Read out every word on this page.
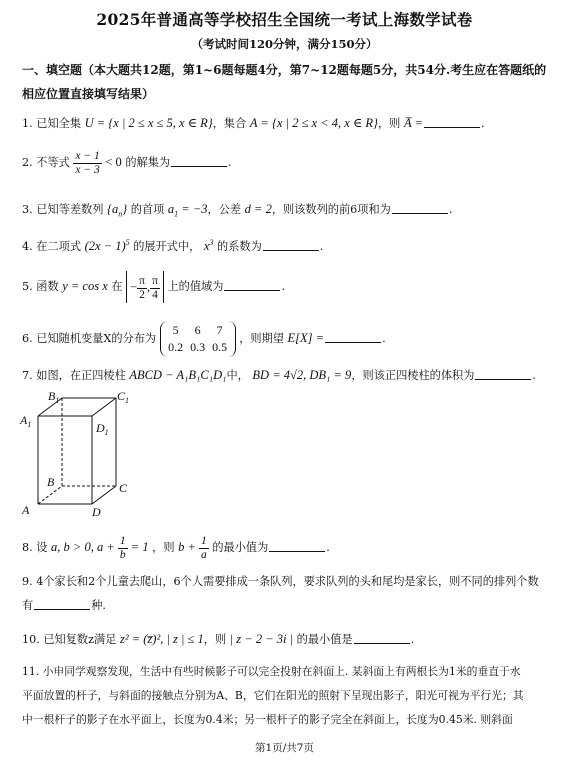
2025年普通高等学校招生全国统一考试上海数学试卷
（考试时间120分钟，满分150分）
一、填空题（本大题共12题，第1~6题每题4分，第7~12题每题5分，共54分.考生应在答题纸的相应位置直接填写结果）
1. 已知全集 U = {x | 2 ≤ x ≤ 5, x ∈ R}，集合 A = {x | 2 ≤ x < 4, x ∈ R}，则 A̅ =	.
2. 不等式 $\frac{x - 1}{x - 3} < 0$ 的解集为	.
3. 已知等差数列 $\{a_n\}$ 的首项 $a_1 = -3$，公差 d = 2，则该数列的前6项和为	.
4. 在二项式 $(2x - 1)^5$ 的展开式中， $x^3$ 的系数为	.
5. 函数 y = cos x 在 − $\frac{\pi}{2}$ , $\frac{\pi}{4}$ 上的值域为	.
6. 已知随机变量X的分布为 5 6 7
0.2 0.3 0.5 ，则期望 E[X] =	.
7. 如图，在正四棱柱 ABCD − A₁B₁C₁D₁中， BD = 4√2, DB₁ = 9，则该正四棱柱的体积为	.
$B_1$	$C_1$
$A_1$	$D_1$
B	C
A	D
8. 设 a, b > 0, $a + \frac{1}{b} = 1$ ，则 $b + \frac{1}{a}$ 的最小值为	.
9. 4个家长和2个儿童去爬山，6个人需要排成一条队列，要求队列的头和尾均是家长，则不同的排列个数
有	种.
10. 已知复数z满足 z² = (z̅)², | z | ≤ 1，则 | z − 2 − 3i | 的最小值是	.
11. 小申同学观察发现，生活中有些时候影子可以完全投射在斜面上. 某斜面上有两根长为1米的垂直于水
平面放置的杆子，与斜面的接触点分别为A、B，它们在阳光的照射下呈现出影子，阳光可视为平行光；其
中一根杆子的影子在水平面上，长度为0.4米；另一根杆子的影子完全在斜面上，长度为0.45米. 则斜面
第1页/共7页
